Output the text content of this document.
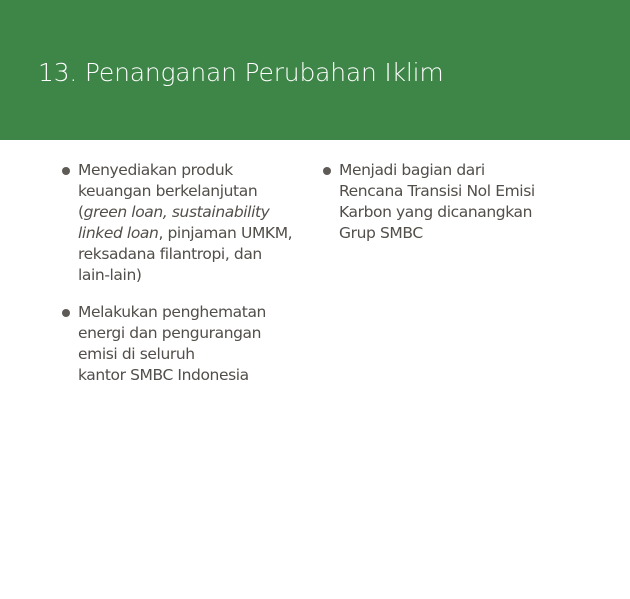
13. Penanganan Perubahan Iklim
Menyediakan produk
keuangan berkelanjutan
(green loan, sustainability
linked loan, pinjaman UMKM,
reksadana filantropi, dan
lain-lain)
Melakukan penghematan
energi dan pengurangan
emisi di seluruh
kantor SMBC Indonesia
Menjadi bagian dari
Rencana Transisi Nol Emisi
Karbon yang dicanangkan
Grup SMBC
